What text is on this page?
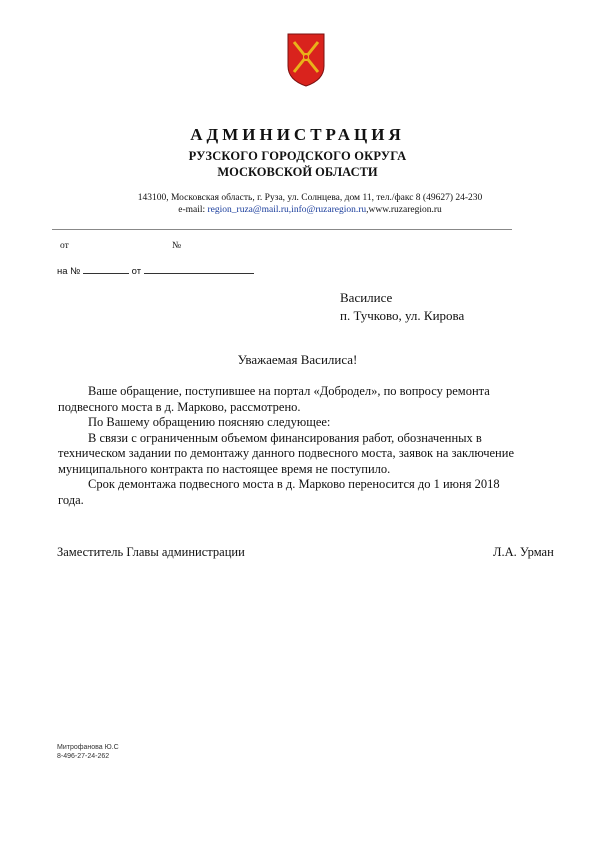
АДМИНИСТРАЦИЯ
РУЗСКОГО ГОРОДСКОГО ОКРУГА
МОСКОВСКОЙ ОБЛАСТИ
143100, Московская область, г. Руза, ул. Солнцева, дом 11, тел./факс 8 (49627) 24-230
e-mail: region_ruza@mail.ru,info@ruzaregion.ru,www.ruzaregion.ru
от	№
на №	от
Василисе
п. Тучково, ул. Кирова
Уважаемая Василиса!

Ваше обращение, поступившее на портал «Добродел», по вопросу ремонта

подвесного моста в д. Марково, рассмотрено.

По Вашему обращению поясняю следующее:

В связи с ограниченным объемом финансирования работ, обозначенных в

техническом задании по демонтажу данного подвесного моста, заявок на заключение

муниципального контракта по настоящее время не поступило.

Срок демонтажа подвесного моста в д. Марково переносится до 1 июня 2018

года.

Заместитель Главы администрации	Л.А. Урман
Митрофанова Ю.С
8-496-27-24-262
